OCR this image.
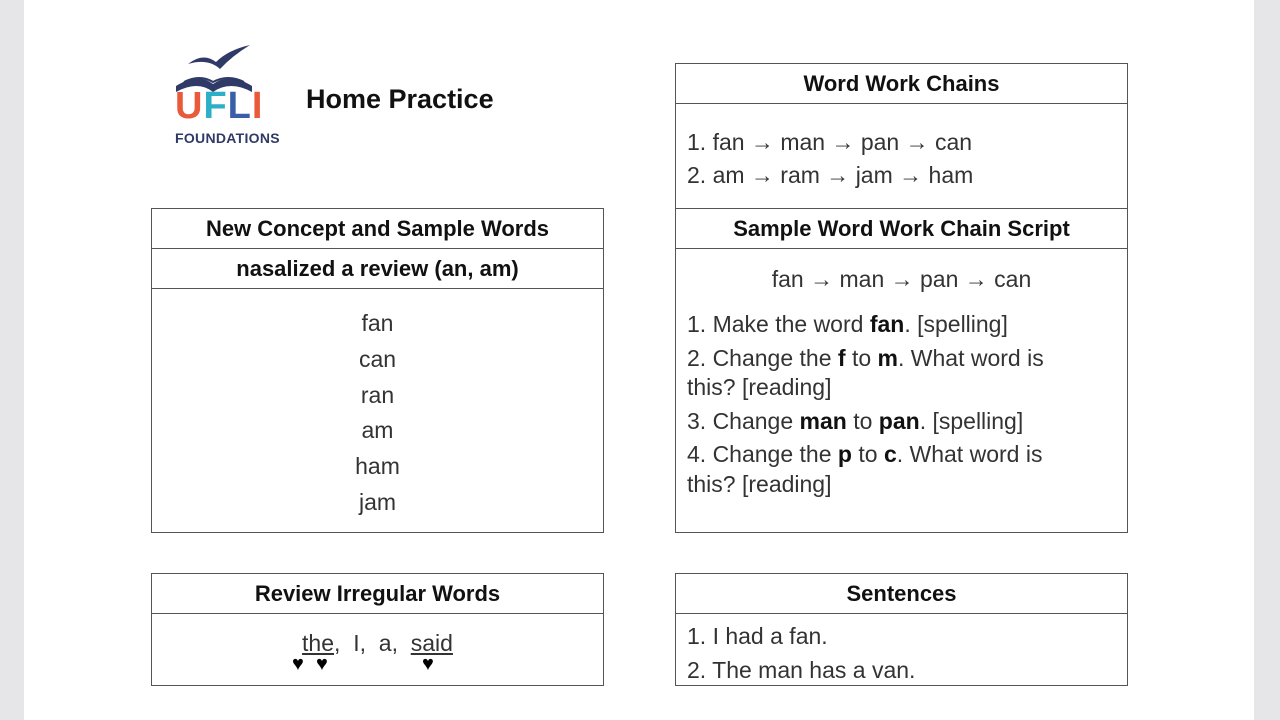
UFLI
FOUNDATIONS
Home Practice
Word Work Chains
1. fan → man → pan → can
2. am → ram → jam → ham
New Concept and Sample Words
nasalized a review (an, am)
fan
can
ran
am
ham
jam
Sample Word Work Chain Script
fan → man → pan → can
1. Make the word fan. [spelling]
2. Change the f to m. What word is
this? [reading]
3. Change man to pan. [spelling]
4. Change the p to c. What word is
this? [reading]
Review Irregular Words
the, I, a, said
♥ ♥	♥
Sentences
1. I had a fan.
2. The man has a van.
